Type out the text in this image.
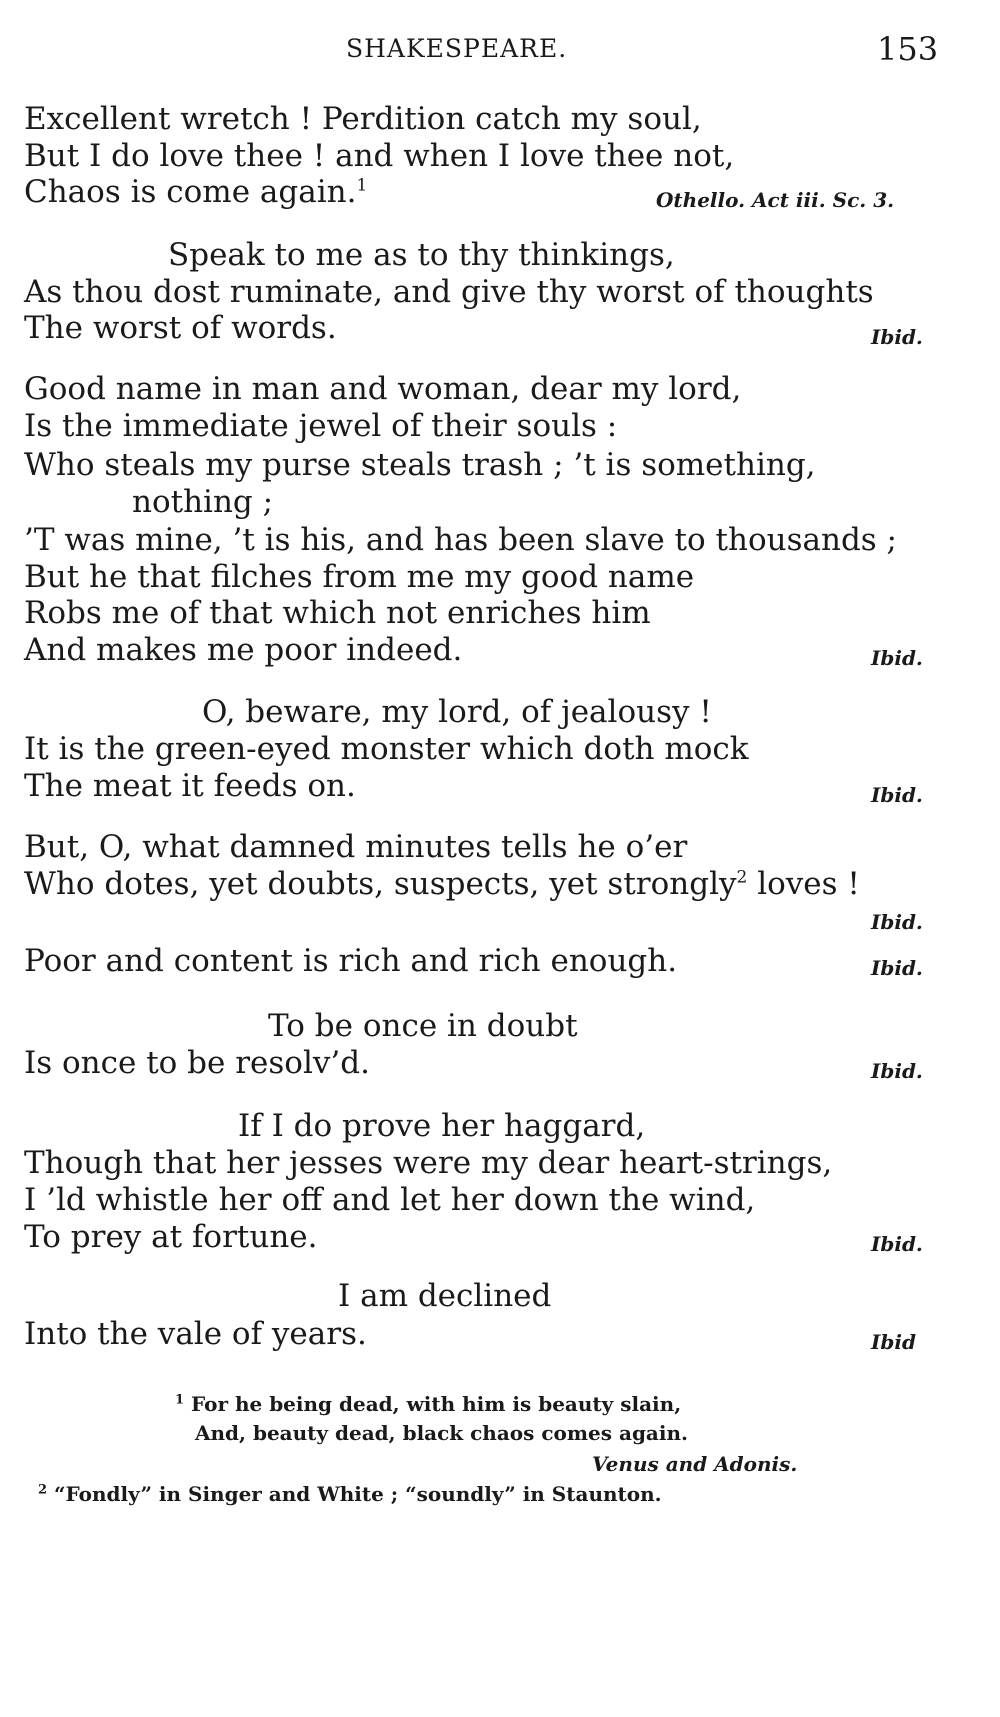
SHAKESPEARE.	153
Excellent wretch ! Perdition catch my soul,
But I do love thee ! and when I love thee not,
Chaos is come again.$^1$
Othello. Act iii. Sc. 3.
Speak to me as to thy thinkings,
As thou dost ruminate, and give thy worst of thoughts
The worst of words.	Ibid.
Good name in man and woman, dear my lord,
Is the immediate jewel of their souls :
Who steals my purse steals trash ; ’t is something,
nothing ;
’T was mine, ’t is his, and has been slave to thousands ;
But he that filches from me my good name
Robs me of that which not enriches him
And makes me poor indeed.	Ibid.
O, beware, my lord, of jealousy !
It is the green-eyed monster which doth mock
The meat it feeds on.	Ibid.
But, O, what damned minutes tells he o’er
Who dotes, yet doubts, suspects, yet strongly$^2$ loves !
Ibid.
Poor and content is rich and rich enough.	Ibid.
To be once in doubt
Is once to be resolv’d.	Ibid.
If I do prove her haggard,
Though that her jesses were my dear heart-strings,
I ’ld whistle her off and let her down the wind,
To prey at fortune.	Ibid.
I am declined
Into the vale of years.	Ibid
$^1$ For he being dead, with him is beauty slain,
And, beauty dead, black chaos comes again.
Venus and Adonis.
$^2$ “Fondly” in Singer and White ; “soundly” in Staunton.
